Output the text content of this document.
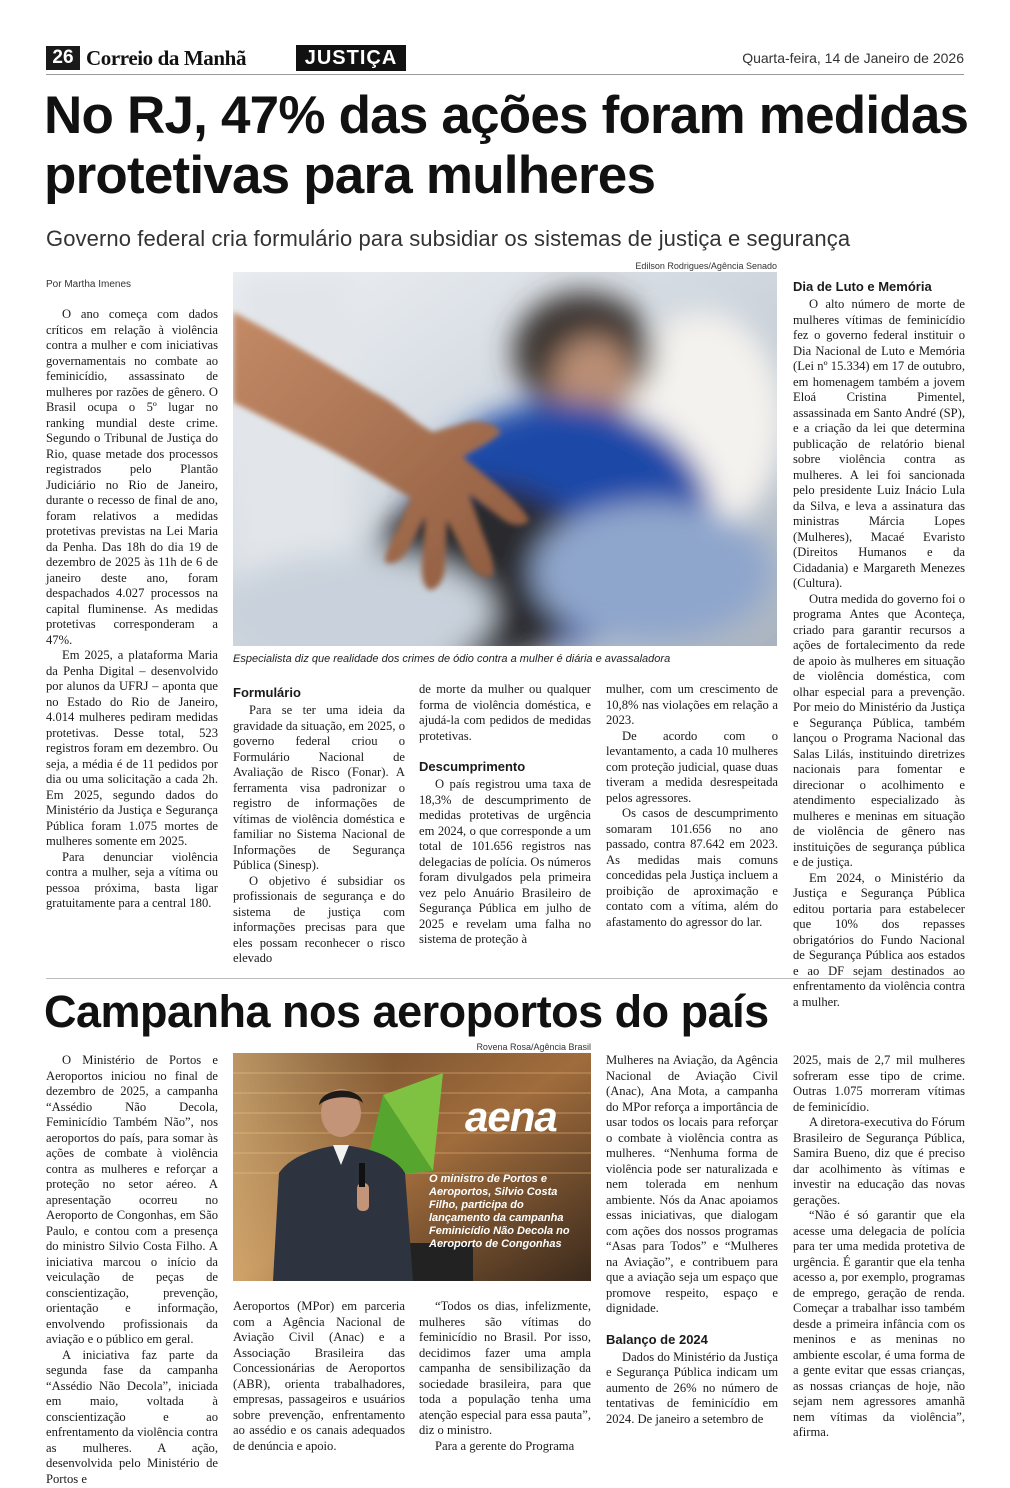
26 Correio da Manhã	JUSTIÇA	Quarta-feira, 14 de Janeiro de 2026
No RJ, 47% das ações foram medidas protetivas para mulheres
Governo federal cria formulário para subsidiar os sistemas de justiça e segurança
Por Martha Imenes
Edilson Rodrigues/Agência Senado
Especialista diz que realidade dos crimes de ódio contra a mulher é diária e avassaladora

O ano começa com dados críticos em relação à violência contra a mulher e com iniciativas governamentais no combate ao feminicídio, assassinato de mulheres por razões de gênero. O Brasil ocupa o 5º lugar no ranking mundial deste crime. Segundo o Tribunal de Justiça do Rio, quase metade dos processos registrados pelo Plantão Judiciário no Rio de Janeiro, durante o recesso de final de ano, foram relativos a medidas protetivas previstas na Lei Maria da Penha. Das 18h do dia 19 de dezembro de 2025 às 11h de 6 de janeiro deste ano, foram despachados 4.027 processos na capital fluminense. As medidas protetivas corresponderam a 47%.

Em 2025, a plataforma Maria da Penha Digital – desenvolvido por alunos da UFRJ – aponta que no Estado do Rio de Janeiro, 4.014 mulheres pediram medidas protetivas. Desse total, 523 registros foram em dezembro. Ou seja, a média é de 11 pedidos por dia ou uma solicitação a cada 2h. Em 2025, segundo dados do Ministério da Justiça e Segurança Pública foram 1.075 mortes de mulheres somente em 2025.

Para denunciar violência contra a mulher, seja a vítima ou pessoa próxima, basta ligar gratuitamente para a central 180.

Formulário

Para se ter uma ideia da gravidade da situação, em 2025, o governo federal criou o Formulário Nacional de Avaliação de Risco (Fonar). A ferramenta visa padronizar o registro de informações de vítimas de violência doméstica e familiar no Sistema Nacional de Informações de Segurança Pública (Sinesp).

O objetivo é subsidiar os profissionais de segurança e do sistema de justiça com informações precisas para que eles possam reconhecer o risco elevado

de morte da mulher ou qualquer forma de violência doméstica, e ajudá-la com pedidos de medidas protetivas.
Descumprimento

O país registrou uma taxa de 18,3% de descumprimento de medidas protetivas de urgência em 2024, o que corresponde a um total de 101.656 registros nas delegacias de polícia. Os números foram divulgados pela primeira vez pelo Anuário Brasileiro de Segurança Pública em julho de 2025 e revelam uma falha no sistema de proteção à

mulher, com um crescimento de 10,8% nas violações em relação a 2023.

De acordo com o levantamento, a cada 10 mulheres com proteção judicial, quase duas tiveram a medida desrespeitada pelos agressores.

Os casos de descumprimento somaram 101.656 no ano passado, contra 87.642 em 2023. As medidas mais comuns concedidas pela Justiça incluem a proibição de aproximação e contato com a vítima, além do afastamento do agressor do lar.

Dia de Luto e Memória

O alto número de morte de mulheres vítimas de feminicídio fez o governo federal instituir o Dia Nacional de Luto e Memória (Lei nº 15.334) em 17 de outubro, em homenagem também a jovem Eloá Cristina Pimentel, assassinada em Santo André (SP), e a criação da lei que determina publicação de relatório bienal sobre violência contra as mulheres. A lei foi sancionada pelo presidente Luiz Inácio Lula da Silva, e leva a assinatura das ministras Márcia Lopes (Mulheres), Macaé Evaristo (Direitos Humanos e da Cidadania) e Margareth Menezes (Cultura).

Outra medida do governo foi o programa Antes que Aconteça, criado para garantir recursos a ações de fortalecimento da rede de apoio às mulheres em situação de violência doméstica, com olhar especial para a prevenção. Por meio do Ministério da Justiça e Segurança Pública, também lançou o Programa Nacional das Salas Lilás, instituindo diretrizes nacionais para fomentar e direcionar o acolhimento e atendimento especializado às mulheres e meninas em situação de violência de gênero nas instituições de segurança pública e de justiça.

Em 2024, o Ministério da Justiça e Segurança Pública editou portaria para estabelecer que 10% dos repasses obrigatórios do Fundo Nacional de Segurança Pública aos estados e ao DF sejam destinados ao enfrentamento da violência contra a mulher.

Campanha nos aeroportos do país
Rovena Rosa/Agência Brasil
aena
O ministro de Portos e Aeroportos, Silvio Costa Filho, participa do lançamento da campanha Feminicídio Não Decola no Aeroporto de Congonhas

O Ministério de Portos e Aeroportos iniciou no final de dezembro de 2025, a campanha “Assédio Não Decola, Feminicídio Também Não”, nos aeroportos do país, para somar às ações de combate à violência contra as mulheres e reforçar a proteção no setor aéreo. A apresentação ocorreu no Aeroporto de Congonhas, em São Paulo, e contou com a presença do ministro Silvio Costa Filho. A iniciativa marcou o início da veiculação de peças de conscientização, prevenção, orientação e informação, envolvendo profissionais da aviação e o público em geral.

A iniciativa faz parte da segunda fase da campanha “Assédio Não Decola”, iniciada em maio, voltada à conscientização e ao enfrentamento da violência contra as mulheres. A ação, desenvolvida pelo Ministério de Portos e

Aeroportos (MPor) em parceria com a Agência Nacional de Aviação Civil (Anac) e a Associação Brasileira das Concessionárias de Aeroportos (ABR), orienta trabalhadores, empresas, passageiros e usuários sobre prevenção, enfrentamento ao assédio e os canais adequados de denúncia e apoio.

“Todos os dias, infelizmente, mulheres são vítimas do feminicídio no Brasil. Por isso, decidimos fazer uma ampla campanha de sensibilização da sociedade brasileira, para que toda a população tenha uma atenção especial para essa pauta”, diz o ministro.

Para a gerente do Programa

Mulheres na Aviação, da Agência Nacional de Aviação Civil (Anac), Ana Mota, a campanha do MPor reforça a importância de usar todos os locais para reforçar o combate à violência contra as mulheres. “Nenhuma forma de violência pode ser naturalizada e nem tolerada em nenhum ambiente. Nós da Anac apoiamos essas iniciativas, que dialogam com ações dos nossos programas “Asas para Todos” e “Mulheres na Aviação”, e contribuem para que a aviação seja um espaço que promove respeito, espaço e dignidade.
Balanço de 2024

Dados do Ministério da Justiça e Segurança Pública indicam um aumento de 26% no número de tentativas de feminicídio em 2024. De janeiro a setembro de

2025, mais de 2,7 mil mulheres sofreram esse tipo de crime. Outras 1.075 morreram vítimas de feminicídio.

A diretora-executiva do Fórum Brasileiro de Segurança Pública, Samira Bueno, diz que é preciso dar acolhimento às vítimas e investir na educação das novas gerações.

“Não é só garantir que ela acesse uma delegacia de polícia para ter uma medida protetiva de urgência. É garantir que ela tenha acesso a, por exemplo, programas de emprego, geração de renda. Começar a trabalhar isso também desde a primeira infância com os meninos e as meninas no ambiente escolar, é uma forma de a gente evitar que essas crianças, as nossas crianças de hoje, não sejam nem agressores amanhã nem vítimas da violência”, afirma.
